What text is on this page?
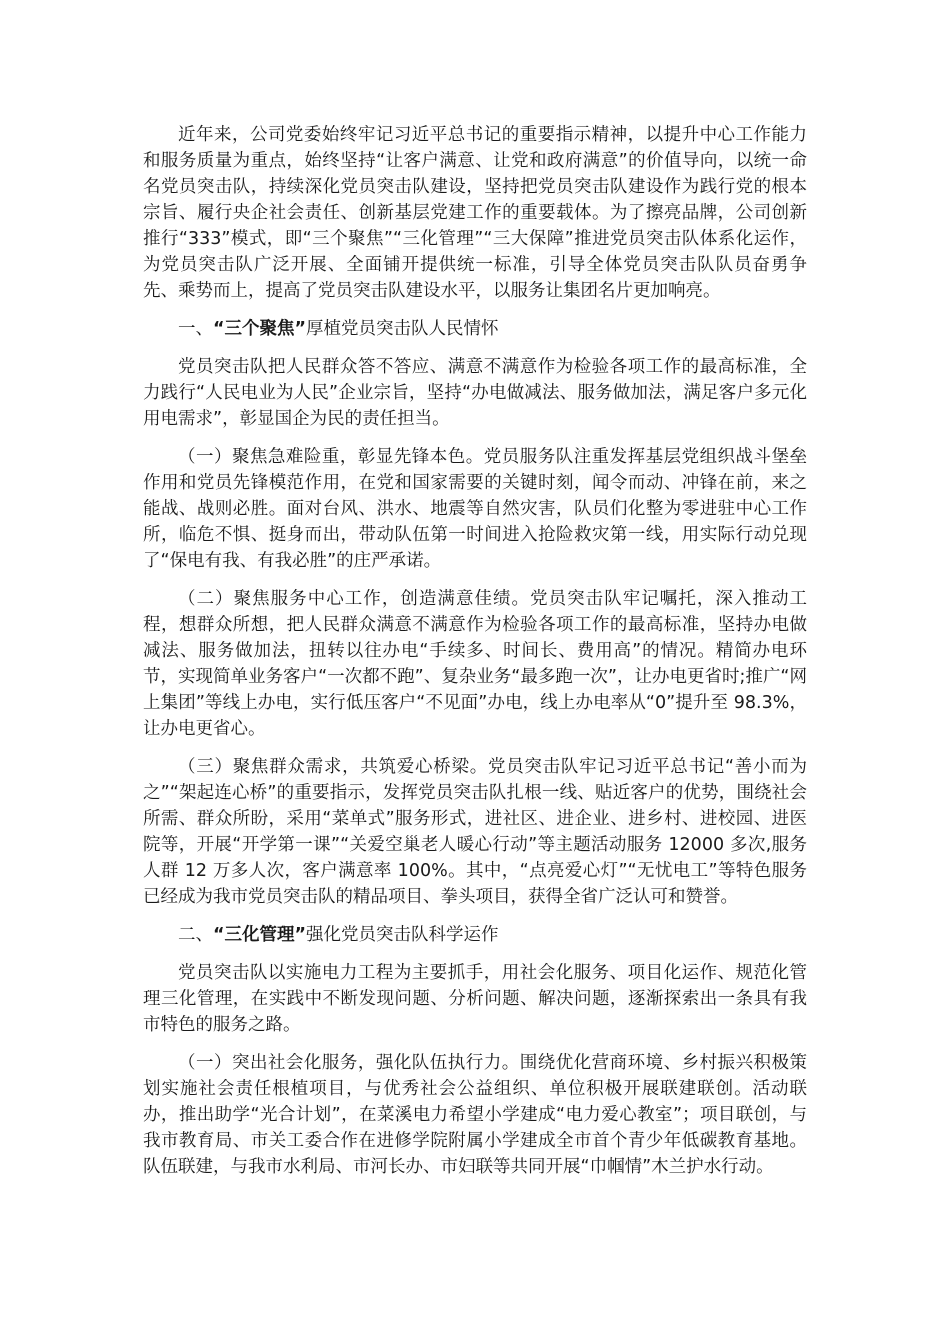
近年来，公司党委始终牢记习近平总书记的重要指示精神，以提升中心工作能力和服务质量为重点，始终坚持“让客户满意、让党和政府满意”的价值导向，以统一命名党员突击队，持续深化党员突击队建设，坚持把党员突击队建设作为践行党的根本宗旨、履行央企社会责任、创新基层党建工作的重要载体。为了擦亮品牌，公司创新推行“333”模式，即“三个聚焦”“三化管理”“三大保障”推进党员突击队体系化运作，为党员突击队广泛开展、全面铺开提供统一标准，引导全体党员突击队队员奋勇争先、乘势而上，提高了党员突击队建设水平，以服务让集团名片更加响亮。

一、“三个聚焦”厚植党员突击队人民情怀

党员突击队把人民群众答不答应、满意不满意作为检验各项工作的最高标准，全力践行“人民电业为人民”企业宗旨，坚持“办电做减法、服务做加法，满足客户多元化用电需求”，彰显国企为民的责任担当。

（一）聚焦急难险重，彰显先锋本色。党员服务队注重发挥基层党组织战斗堡垒作用和党员先锋模范作用，在党和国家需要的关键时刻，闻令而动、冲锋在前，来之能战、战则必胜。面对台风、洪水、地震等自然灾害，队员们化整为零进驻中心工作所，临危不惧、挺身而出，带动队伍第一时间进入抢险救灾第一线，用实际行动兑现了“保电有我、有我必胜”的庄严承诺。

（二）聚焦服务中心工作，创造满意佳绩。党员突击队牢记嘱托，深入推动工程，想群众所想，把人民群众满意不满意作为检验各项工作的最高标准，坚持办电做减法、服务做加法，扭转以往办电“手续多、时间长、费用高”的情况。精简办电环节，实现简单业务客户“一次都不跑”、复杂业务“最多跑一次”，让办电更省时;推广“网上集团”等线上办电，实行低压客户“不见面”办电，线上办电率从“0”提升至 98.3%，让办电更省心。

（三）聚焦群众需求，共筑爱心桥梁。党员突击队牢记习近平总书记“善小而为之”“架起连心桥”的重要指示，发挥党员突击队扎根一线、贴近客户的优势，围绕社会所需、群众所盼，采用“菜单式”服务形式，进社区、进企业、进乡村、进校园、进医院等，开展“开学第一课”“关爱空巢老人暖心行动”等主题活动服务 12000 多次,服务人群 12 万多人次，客户满意率 100%。其中，“点亮爱心灯”“无忧电工”等特色服务已经成为我市党员突击队的精品项目、拳头项目，获得全省广泛认可和赞誉。

二、“三化管理”强化党员突击队科学运作

党员突击队以实施电力工程为主要抓手，用社会化服务、项目化运作、规范化管理三化管理，在实践中不断发现问题、分析问题、解决问题，逐渐探索出一条具有我市特色的服务之路。

（一）突出社会化服务，强化队伍执行力。围绕优化营商环境、乡村振兴积极策划实施社会责任根植项目，与优秀社会公益组织、单位积极开展联建联创。活动联办，推出助学“光合计划”，在菜溪电力希望小学建成“电力爱心教室”；项目联创，与我市教育局、市关工委合作在进修学院附属小学建成全市首个青少年低碳教育基地。队伍联建，与我市水利局、市河长办、市妇联等共同开展“巾帼情”木兰护水行动。
